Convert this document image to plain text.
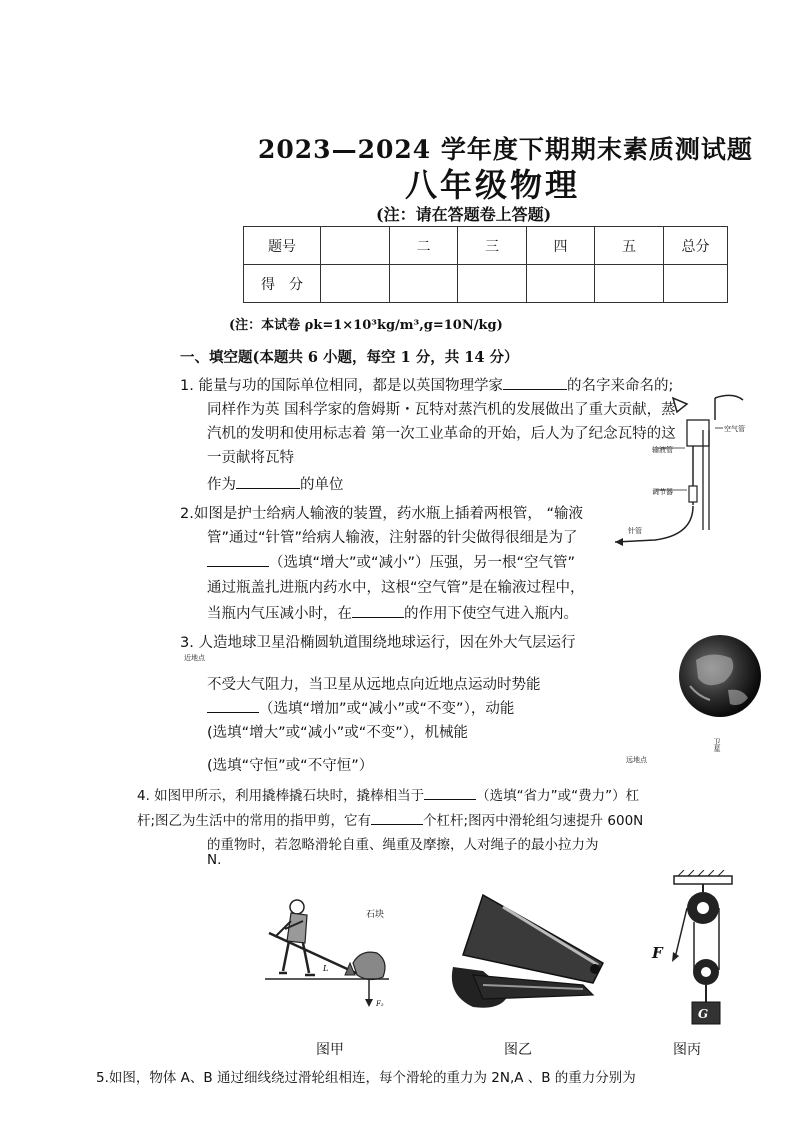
2023—2024 学年度下期期末素质测试题
八年级物理
(注：请在答题卷上答题)
题号		二	三	四	五	总分
得　分						
(注：本试卷 ρk=1×10³kg/m³,g=10N/kg)
一、填空题(本题共 6 小题，每空 1 分，共 14 分）
1. 能量与功的国际单位相同，都是以英国物理学家	的名字来命名的;
同样作为英 国科学家的詹姆斯・瓦特对蒸汽机的发展做出了重大贡献，蒸
汽机的发明和使用标志着 第一次工业革命的开始，后人为了纪念瓦特的这
一贡献将瓦特
作为	的单位
2.如图是护士给病人输液的装置，药水瓶上插着两根管， “输液
管”通过“针管”给病人输液，注射器的针尖做得很细是为了
（选填“增大”或“减小”）压强，另一根“空气管”
通过瓶盖扎进瓶内药水中，这根“空气管”是在输液过程中，
当瓶内气压减小时，在	的作用下使空气进入瓶内。
空气管
输液管
调节器
针管
3. 人造地球卫星沿椭圆轨道围绕地球运行，因在外大气层运行
近地点
不受大气阻力，当卫星从远地点向近地点运动时势能
（选填“增加”或“减小”或“不变”），动能
(选填“增大”或“减小”或“不变”），机械能
(选填“守恒”或“不守恒”）	远地点
卫星
4. 如图甲所示，利用撬棒撬石块时，撬棒相当于	（选填“省力”或“费力”）杠
杆;图乙为生活中的常用的指甲剪，它有	个杠杆;图丙中滑轮组匀速提升 600N
的重物时，若忽略滑轮自重、绳重及摩擦，人对绳子的最小拉力为
N.
L
石块
F₂
F
G
图甲	图乙	图丙
5.如图，物体 A、B 通过细线绕过滑轮组相连，每个滑轮的重力为 2N,A 、B 的重力分别为
